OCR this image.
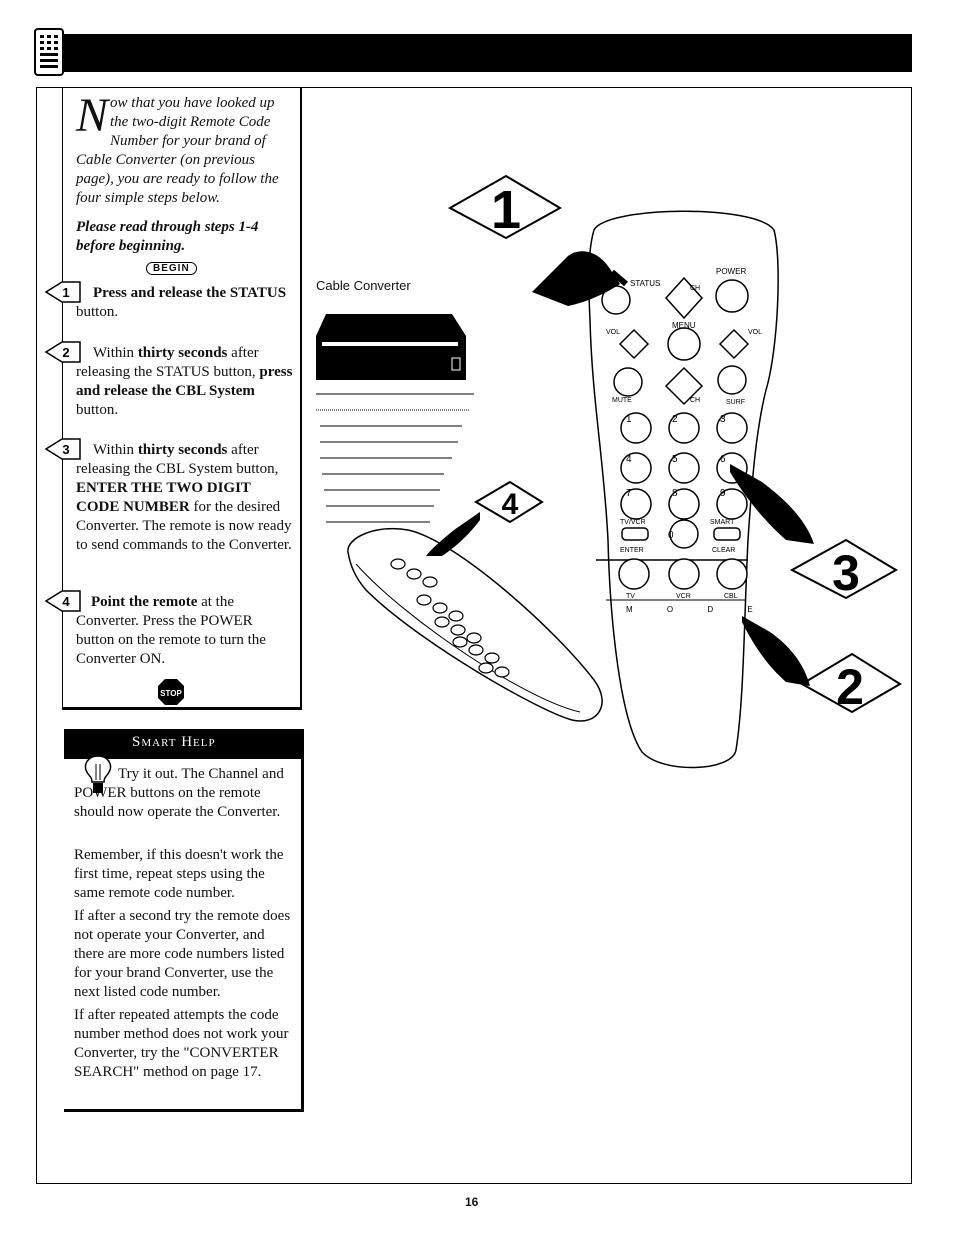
Now that you have looked up the two-digit Remote Code Number for your brand of Cable Converter (on previous page), you are ready to follow the four simple steps below.
Please read through steps 1-4 before beginning.
BEGIN
1
2
3
4
Press and release the STATUS button.
Within thirty seconds after releasing the STATUS button, press and release the CBL System button.
Within thirty seconds after releasing the CBL System button, ENTER THE TWO DIGIT CODE NUMBER for the desired Converter. The remote is now ready to send commands to the Converter.
Point the remote at the Converter. Press the POWER button on the remote to turn the Converter ON.
STOP
Smart Help
Try it out. The Channel and POWER buttons on the remote should now operate the Converter.
Remember, if this doesn't work the first time, repeat steps using the same remote code number.
If after a second try the remote does not operate your Converter, and there are more code numbers listed for your brand Converter, use the next listed code number.
If after repeated attempts the code number method does not work your Converter, try the "CONVERTER SEARCH" method on page 17.
Cable Converter	STATUS
POWER
CH
VOL	VOL
MENU
MUTE	CH	SURF
1	2	3
4	5	6
7	8	9
0
TV/VCR	SMART
ENTER	CLEAR
TV	VCR	CBL
M O D E
1
2
3
4
16
